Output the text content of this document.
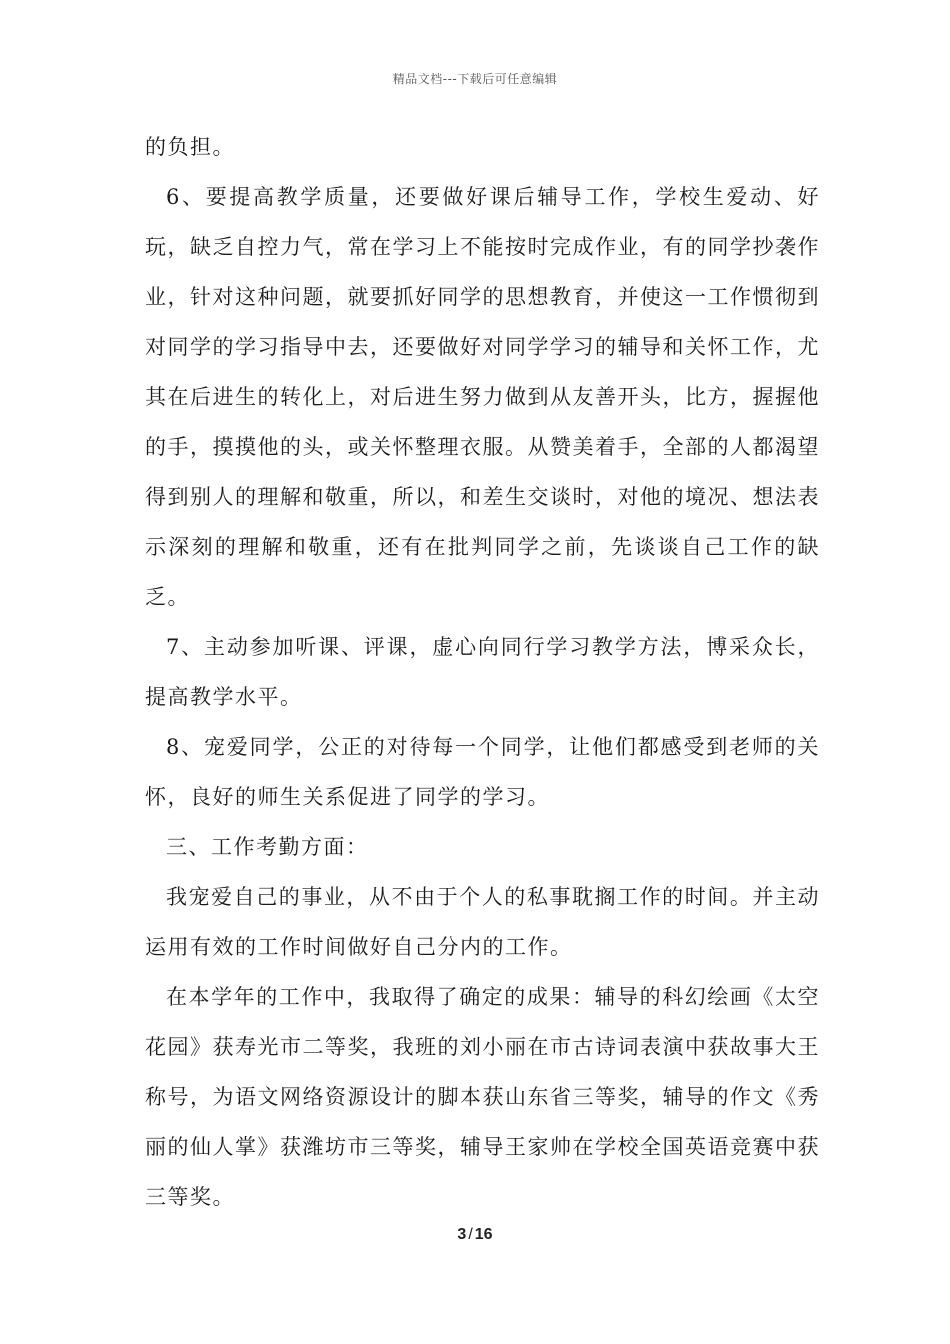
精品文档---下载后可任意编辑

的负担。

6、要提高教学质量，还要做好课后辅导工作，学校生爱动、好玩，缺乏自控力气，常在学习上不能按时完成作业，有的同学抄袭作业，针对这种问题，就要抓好同学的思想教育，并使这一工作惯彻到对同学的学习指导中去，还要做好对同学学习的辅导和关怀工作，尤其在后进生的转化上，对后进生努力做到从友善开头，比方，握握他的手，摸摸他的头，或关怀整理衣服。从赞美着手，全部的人都渴望得到别人的理解和敬重，所以，和差生交谈时，对他的境况、想法表示深刻的理解和敬重，还有在批判同学之前，先谈谈自己工作的缺乏。

7、主动参加听课、评课，虚心向同行学习教学方法，博采众长，提高教学水平。

8、宠爱同学，公正的对待每一个同学，让他们都感受到老师的关怀，良好的师生关系促进了同学的学习。

三、工作考勤方面：

我宠爱自己的事业，从不由于个人的私事耽搁工作的时间。并主动运用有效的工作时间做好自己分内的工作。

在本学年的工作中，我取得了确定的成果：辅导的科幻绘画《太空花园》获寿光市二等奖，我班的刘小丽在市古诗词表演中获故事大王称号，为语文网络资源设计的脚本获山东省三等奖，辅导的作文《秀丽的仙人掌》获潍坊市三等奖，辅导王家帅在学校全国英语竞赛中获三等奖。

3 / 16
